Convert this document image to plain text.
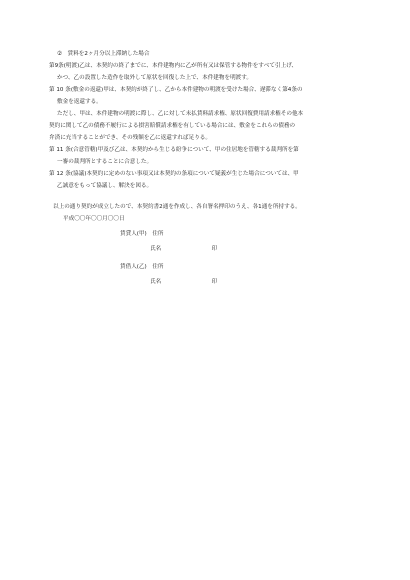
②　賃料を2ヶ月分以上滞納した場合
第9条(明渡)乙は、本契約の終了までに、本件建物内に乙が所有又は保管する物件をすべて引上げ、
かつ、乙の設置した造作を取外して原状を回復した上で、本件建物を明渡す。
第 10 条(敷金の返還)甲は、本契約が終了し、乙から本件建物の明渡を受けた場合、遅滞なく第4条の
敷金を返還する。
ただし、甲は、本件建物の明渡に際し、乙に対して未払賃料請求権、原状回復費用請求権その他本
契約に関して乙の債務不履行による損害賠償請求権を有している場合には、敷金をこれらの債務の
弁済に充当することができ、その残額を乙に返還すれば足りる。
第 11 条(合意管轄)甲及び乙は、本契約から生じる紛争について、甲の住居地を管轄する裁判所を第
一審の裁判所とすることに合意した。
第 12 条(協議)本契約に定めのない事項又は本契約の条項について疑義が生じた場合については、甲
乙誠意をもって協議し、解決を図る。
以上の通り契約が成立したので、本契約書2通を作成し、各自署名押印のうえ、各1通を所持する。
平成〇〇年〇〇月〇〇日
賃貸人(甲)　住所
氏名　　　　　　　　　印
賃借人(乙)　住所
氏名　　　　　　　　　印
